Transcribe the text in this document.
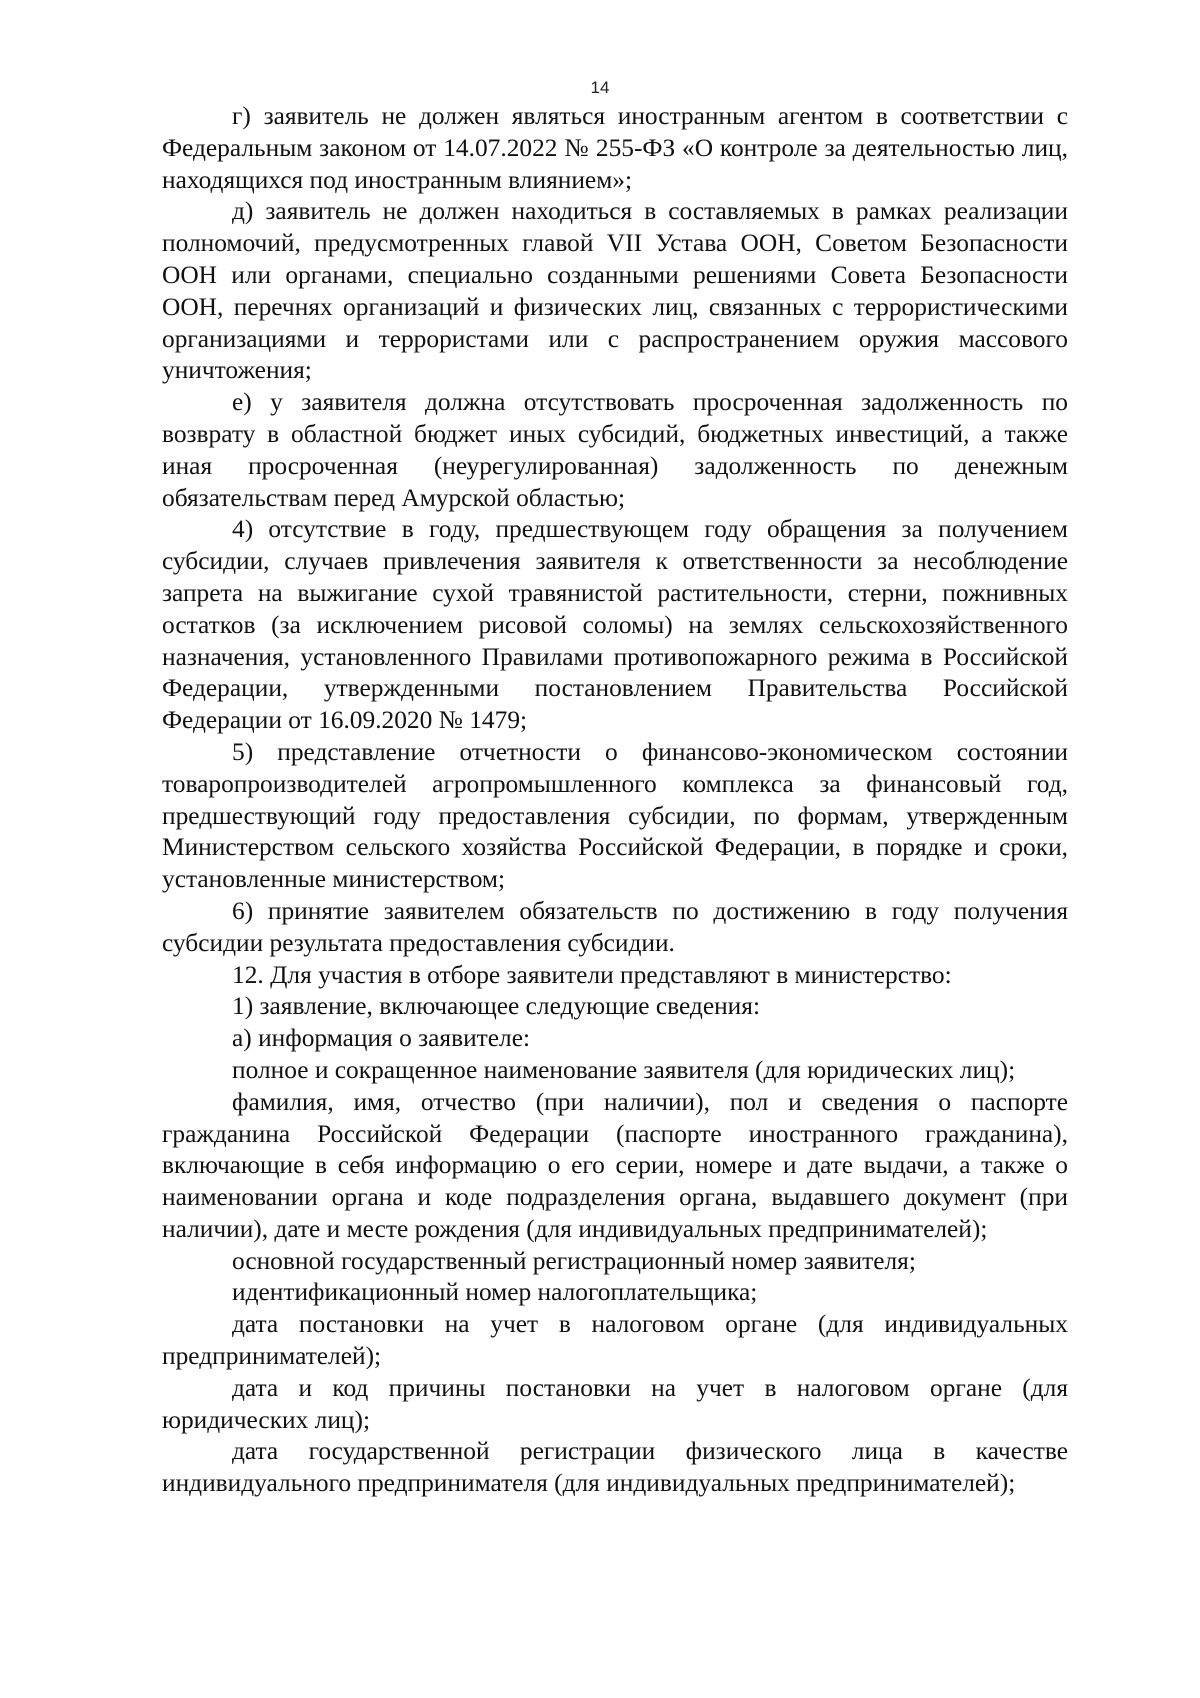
14

г) заявитель не должен являться иностранным агентом в соответствии с Федеральным законом от 14.07.2022 № 255-ФЗ «О контроле за деятельностью лиц, находящихся под иностранным влиянием»;

д) заявитель не должен находиться в составляемых в рамках реализации полномочий, предусмотренных главой VII Устава ООН, Советом Безопасности ООН или органами, специально созданными решениями Совета Безопасности ООН, перечнях организаций и физических лиц, связанных с террористическими организациями и террористами или с распространением оружия массового уничтожения;

е) у заявителя должна отсутствовать просроченная задолженность по возврату в областной бюджет иных субсидий, бюджетных инвестиций, а также иная просроченная (неурегулированная) задолженность по денежным обязательствам перед Амурской областью;

4) отсутствие в году, предшествующем году обращения за получением субсидии, случаев привлечения заявителя к ответственности за несоблюдение запрета на выжигание сухой травянистой растительности, стерни, пожнивных остатков (за исключением рисовой соломы) на землях сельскохозяйственного назначения, установленного Правилами противопожарного режима в Российской Федерации, утвержденными постановлением Правительства Российской Федерации от 16.09.2020 № 1479;

5) представление отчетности о финансово-экономическом состоянии товаропроизводителей агропромышленного комплекса за финансовый год, предшествующий году предоставления субсидии, по формам, утвержденным Министерством сельского хозяйства Российской Федерации, в порядке и сроки, установленные министерством;

6) принятие заявителем обязательств по достижению в году получения субсидии результата предоставления субсидии.

12. Для участия в отборе заявители представляют в министерство:

1) заявление, включающее следующие сведения:

а) информация о заявителе:

полное и сокращенное наименование заявителя (для юридических лиц);

фамилия, имя, отчество (при наличии), пол и сведения о паспорте гражданина Российской Федерации (паспорте иностранного гражданина), включающие в себя информацию о его серии, номере и дате выдачи, а также о наименовании органа и коде подразделения органа, выдавшего документ (при наличии), дате и месте рождения (для индивидуальных предпринимателей);

основной государственный регистрационный номер заявителя;

идентификационный номер налогоплательщика;

дата постановки на учет в налоговом органе (для индивидуальных предпринимателей);

дата и код причины постановки на учет в налоговом органе (для юридических лиц);

дата государственной регистрации физического лица в качестве индивидуального предпринимателя (для индивидуальных предпринимателей);
